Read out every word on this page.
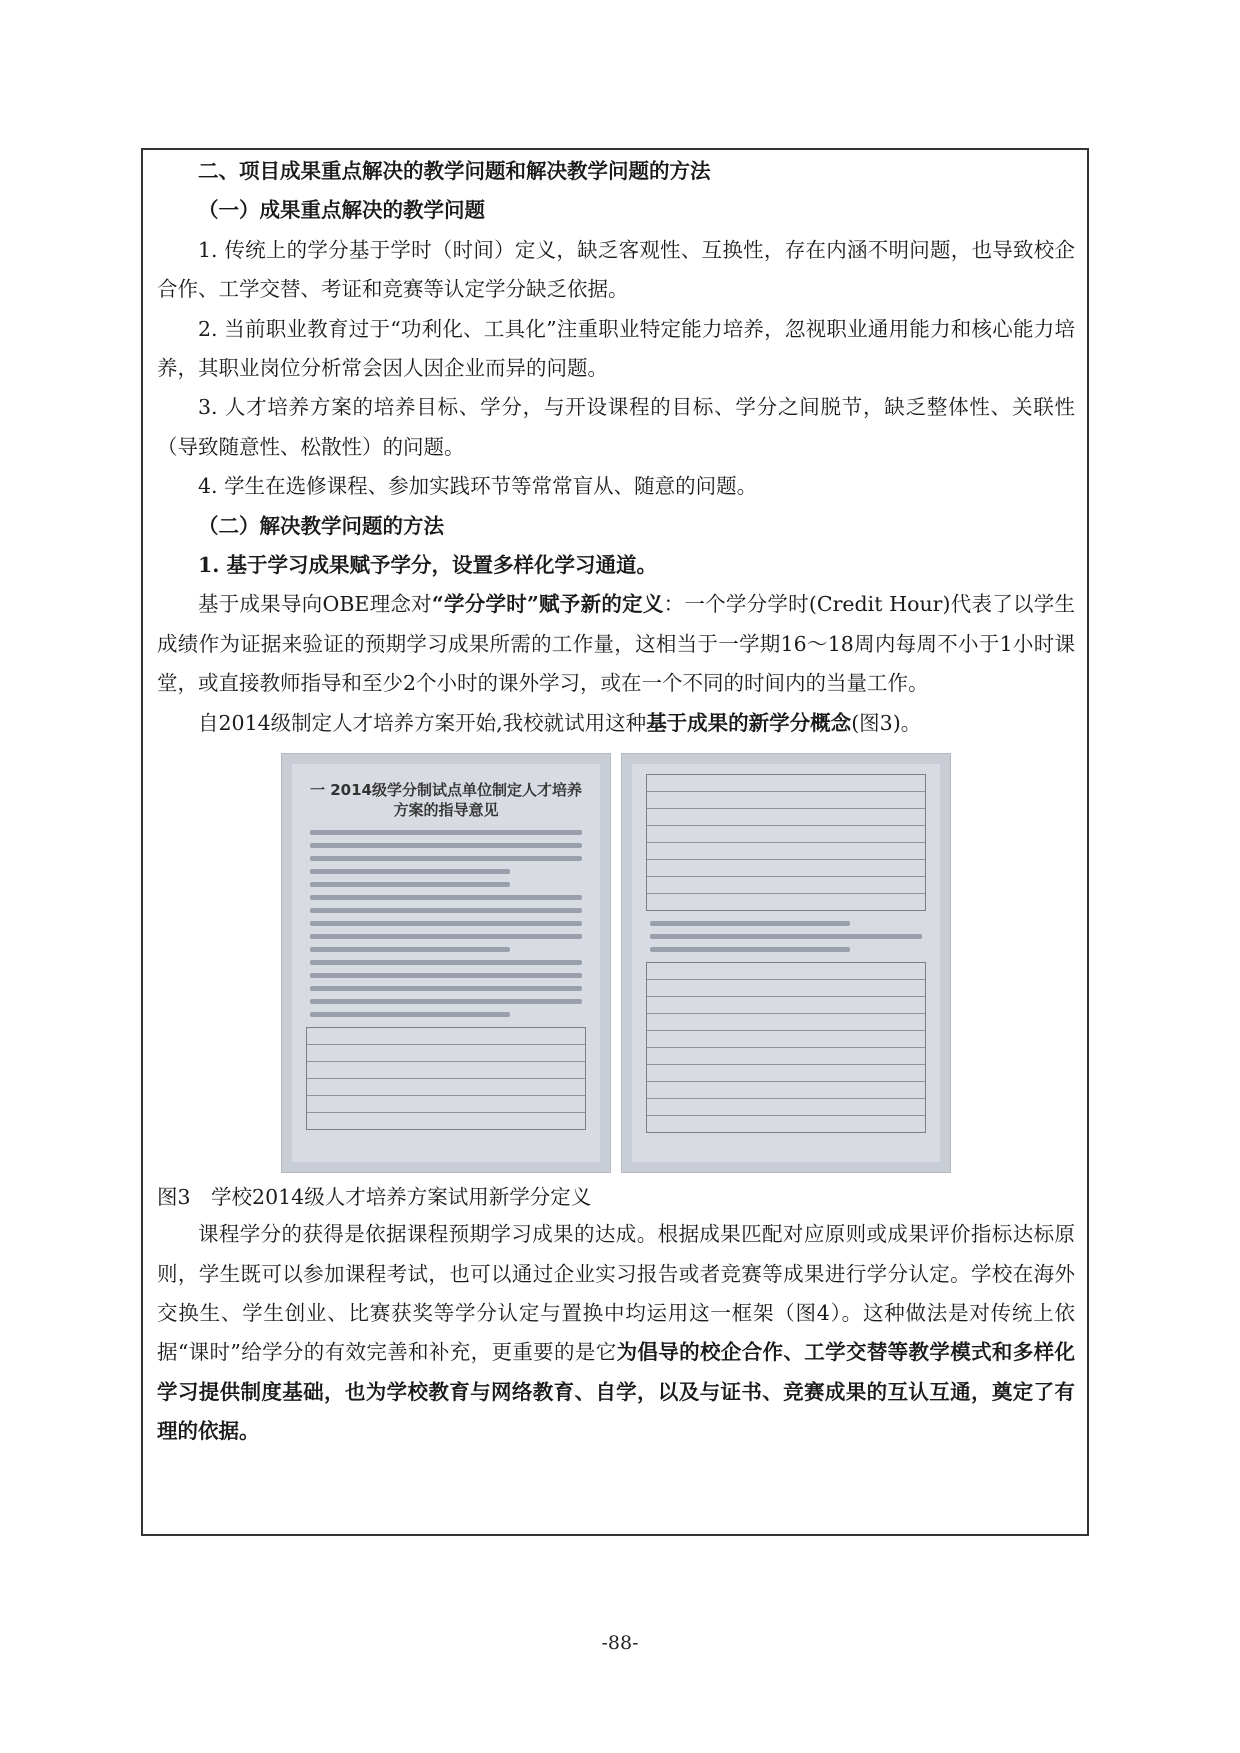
二、项目成果重点解决的教学问题和解决教学问题的方法

（一）成果重点解决的教学问题

1. 传统上的学分基于学时（时间）定义，缺乏客观性、互换性，存在内涵不明问题，也导致校企合作、工学交替、考证和竞赛等认定学分缺乏依据。

2. 当前职业教育过于“功利化、工具化”注重职业特定能力培养，忽视职业通用能力和核心能力培养，其职业岗位分析常会因人因企业而异的问题。

3. 人才培养方案的培养目标、学分，与开设课程的目标、学分之间脱节，缺乏整体性、关联性（导致随意性、松散性）的问题。

4. 学生在选修课程、参加实践环节等常常盲从、随意的问题。

（二）解决教学问题的方法

1. 基于学习成果赋予学分，设置多样化学习通道。

基于成果导向OBE理念对“学分学时”赋予新的定义：一个学分学时(Credit Hour)代表了以学生成绩作为证据来验证的预期学习成果所需的工作量，这相当于一学期16～18周内每周不小于1小时课堂，或直接教师指导和至少2个小时的课外学习，或在一个不同的时间内的当量工作。

自2014级制定人才培养方案开始,我校就试用这种基于成果的新学分概念(图3)。

一 2014级学分制试点单位制定人才培养方案的指导意见

图3　学校2014级人才培养方案试用新学分定义

课程学分的获得是依据课程预期学习成果的达成。根据成果匹配对应原则或成果评价指标达标原则，学生既可以参加课程考试，也可以通过企业实习报告或者竞赛等成果进行学分认定。学校在海外交换生、学生创业、比赛获奖等学分认定与置换中均运用这一框架（图4）。这种做法是对传统上依据“课时”给学分的有效完善和补充，更重要的是它为倡导的校企合作、工学交替等教学模式和多样化学习提供制度基础，也为学校教育与网络教育、自学，以及与证书、竞赛成果的互认互通，奠定了有理的依据。

-88-
